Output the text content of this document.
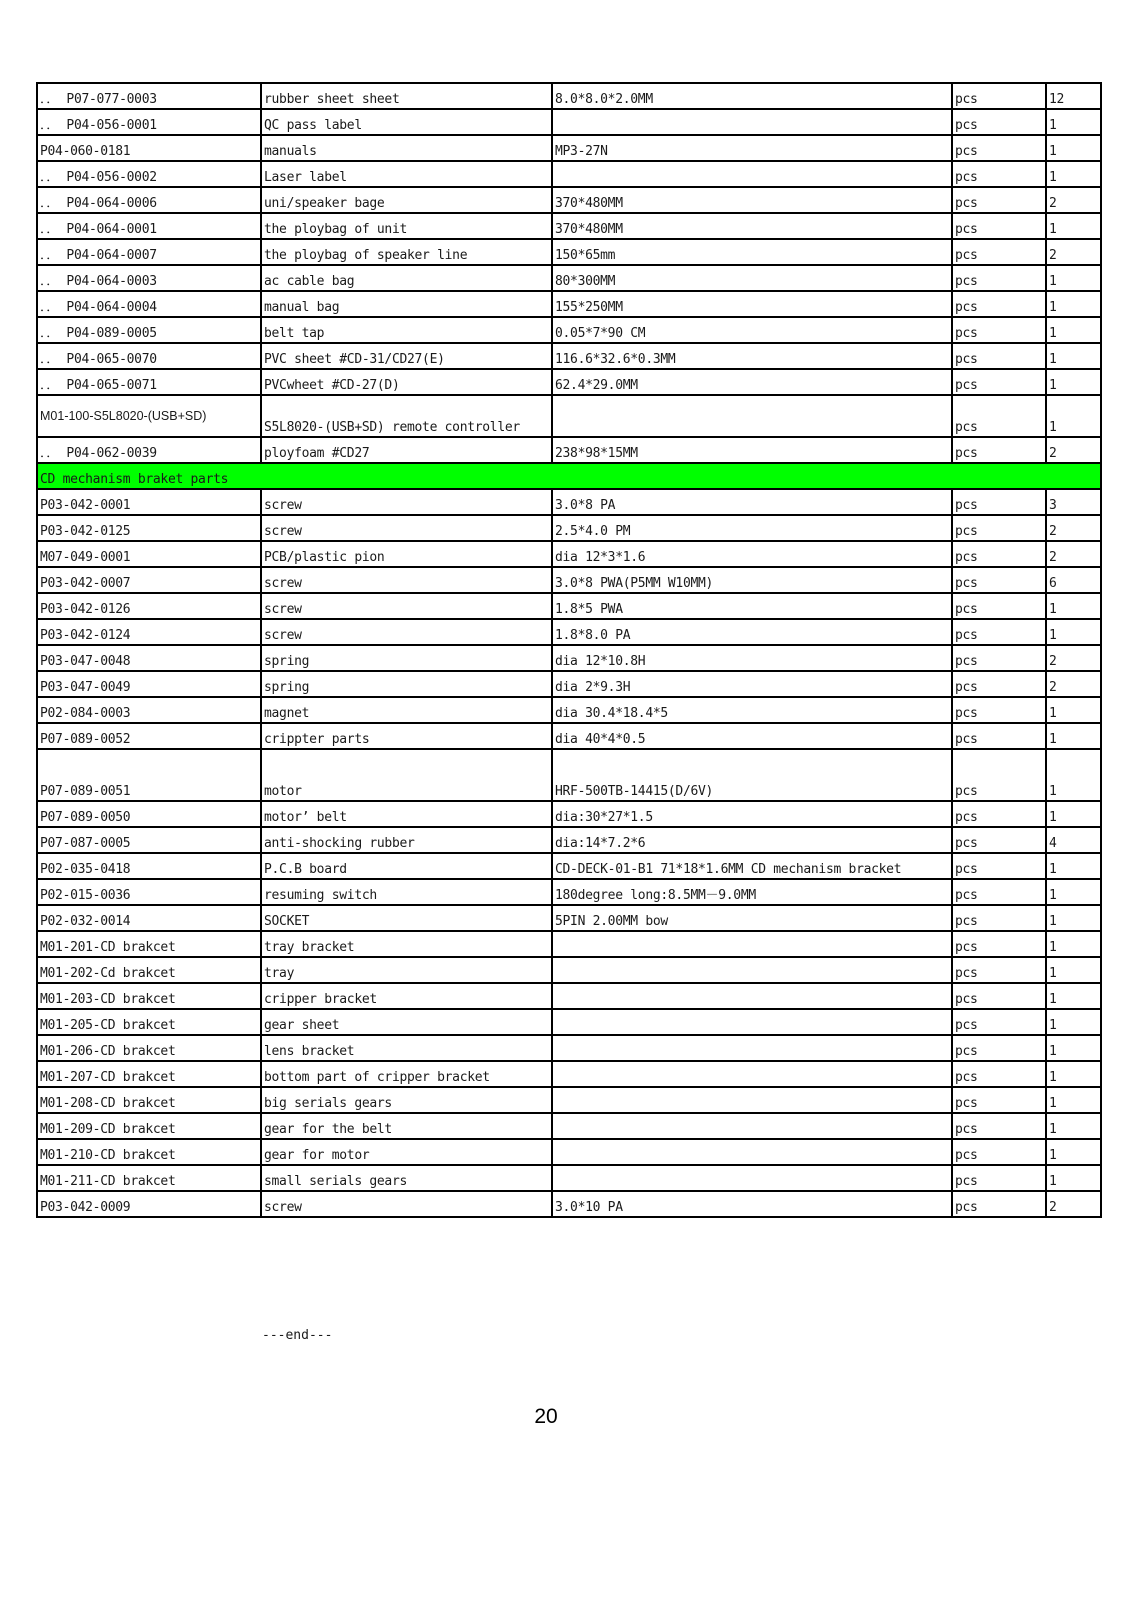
．． P07-077-0003	rubber sheet sheet	8.0*8.0*2.0MM	pcs	12
．． P04-056-0001	QC pass label		pcs	1
P04-060-0181	manuals	MP3-27N	pcs	1
．． P04-056-0002	Laser label		pcs	1
．． P04-064-0006	uni/speaker bage	370*480MM	pcs	2
．． P04-064-0001	the ploybag of unit	370*480MM	pcs	1
．． P04-064-0007	the ploybag of speaker line	150*65mm	pcs	2
．． P04-064-0003	ac cable bag	80*300MM	pcs	1
．． P04-064-0004	manual bag	155*250MM	pcs	1
．． P04-089-0005	belt tap	0.05*7*90 CM	pcs	1
．． P04-065-0070	PVC sheet #CD-31/CD27(E)	116.6*32.6*0.3MM	pcs	1
．． P04-065-0071	PVCwheet #CD-27(D)	62.4*29.0MM	pcs	1
M01-100-S5L8020-(USB+SD)	S5L8020-(USB+SD) remote controller		pcs	1
．． P04-062-0039	ployfoam #CD27	238*98*15MM	pcs	2
CD mechanism braket parts				
P03-042-0001	screw	3.0*8 PA	pcs	3
P03-042-0125	screw	2.5*4.0 PM	pcs	2
M07-049-0001	PCB/plastic pion	dia 12*3*1.6	pcs	2
P03-042-0007	screw	3.0*8 PWA(P5MM W10MM)	pcs	6
P03-042-0126	screw	1.8*5 PWA	pcs	1
P03-042-0124	screw	1.8*8.0 PA	pcs	1
P03-047-0048	spring	dia 12*10.8H	pcs	2
P03-047-0049	spring	dia 2*9.3H	pcs	2
P02-084-0003	magnet	dia 30.4*18.4*5	pcs	1
P07-089-0052	crippter parts	dia 40*4*0.5	pcs	1
P07-089-0051	motor	HRF-500TB-14415(D/6V)	pcs	1
P07-089-0050	motor’ belt	dia:30*27*1.5	pcs	1
P07-087-0005	anti-shocking rubber	dia:14*7.2*6	pcs	4
P02-035-0418	P.C.B board	CD-DECK-01-B1 71*18*1.6MM CD mechanism bracket	pcs	1
P02-015-0036	resuming switch	180degree long:8.5MM－9.0MM	pcs	1
P02-032-0014	SOCKET	5PIN 2.00MM bow	pcs	1
M01-201-CD brakcet	tray bracket		pcs	1
M01-202-Cd brakcet	tray		pcs	1
M01-203-CD brakcet	cripper bracket		pcs	1
M01-205-CD brakcet	gear sheet		pcs	1
M01-206-CD brakcet	lens bracket		pcs	1
M01-207-CD brakcet	bottom part of cripper bracket		pcs	1
M01-208-CD brakcet	big serials gears		pcs	1
M01-209-CD brakcet	gear for the belt		pcs	1
M01-210-CD brakcet	gear for motor		pcs	1
M01-211-CD brakcet	small serials gears		pcs	1
P03-042-0009	screw	3.0*10 PA	pcs	2
---end---
20
